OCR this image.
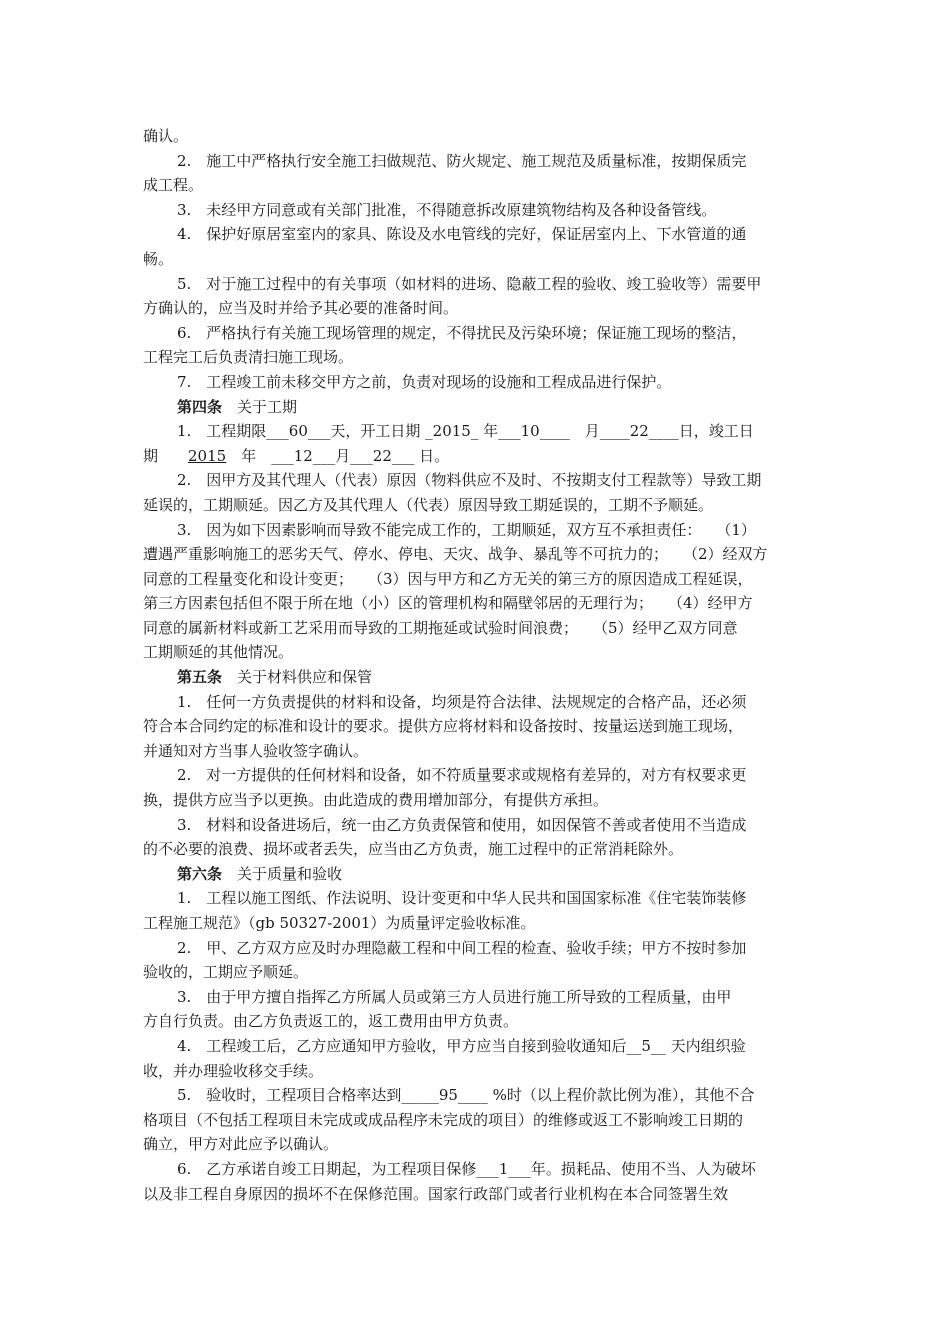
确认。
2.　施工中严格执行安全施工扫做规范、防火规定、施工规范及质量标准，按期保质完
成工程。
3.　未经甲方同意或有关部门批准，不得随意拆改原建筑物结构及各种设备管线。
4.　保护好原居室室内的家具、陈设及水电管线的完好，保证居室内上、下水管道的通
畅。
5.　对于施工过程中的有关事项（如材料的进场、隐蔽工程的验收、竣工验收等）需要甲
方确认的，应当及时并给予其必要的准备时间。
6.　严格执行有关施工现场管理的规定，不得扰民及污染环境；保证施工现场的整洁，
工程完工后负责清扫施工现场。
7.　工程竣工前未移交甲方之前，负责对现场的设施和工程成品进行保护。
第四条　关于工期
1.　工程期限___60___天，开工日期 _2015_ 年___10____　月____22____日，竣工日
期　　2015　年　___12___月___22___ 日。
2.　因甲方及其代理人（代表）原因（物料供应不及时、不按期支付工程款等）导致工期
延误的，工期顺延。因乙方及其代理人（代表）原因导致工期延误的，工期不予顺延。
3.　因为如下因素影响而导致不能完成工作的，工期顺延，双方互不承担责任：　　（1）
遭遇严重影响施工的恶劣天气、停水、停电、天灾、战争、暴乱等不可抗力的；　　（2）经双方
同意的工程量变化和设计变更；　　（3）因与甲方和乙方无关的第三方的原因造成工程延误，
第三方因素包括但不限于所在地（小）区的管理机构和隔壁邻居的无理行为；　　（4）经甲方
同意的属新材料或新工艺采用而导致的工期拖延或试验时间浪费；　　（5）经甲乙双方同意
工期顺延的其他情况。
第五条　关于材料供应和保管
1.　任何一方负责提供的材料和设备，均须是符合法律、法规规定的合格产品，还必须
符合本合同约定的标准和设计的要求。提供方应将材料和设备按时、按量运送到施工现场，
并通知对方当事人验收签字确认。
2.　对一方提供的任何材料和设备，如不符质量要求或规格有差异的，对方有权要求更
换，提供方应当予以更换。由此造成的费用增加部分，有提供方承担。
3.　材料和设备进场后，统一由乙方负责保管和使用，如因保管不善或者使用不当造成
的不必要的浪费、损坏或者丢失，应当由乙方负责，施工过程中的正常消耗除外。
第六条　关于质量和验收
1.　工程以施工图纸、作法说明、设计变更和中华人民共和国国家标准《住宅装饰装修
工程施工规范》（gb 50327-2001）为质量评定验收标准。
2.　甲、乙方双方应及时办理隐蔽工程和中间工程的检查、验收手续；甲方不按时参加
验收的，工期应予顺延。
3.　由于甲方擅自指挥乙方所属人员或第三方人员进行施工所导致的工程质量，由甲
方自行负责。由乙方负责返工的，返工费用由甲方负责。
4.　工程竣工后，乙方应通知甲方验收，甲方应当自接到验收通知后__5__ 天内组织验
收，并办理验收移交手续。
5.　验收时，工程项目合格率达到_____95____ %时（以上程价款比例为准），其他不合
格项目（不包括工程项目未完成或成品程序未完成的项目）的维修或返工不影响竣工日期的
确立，甲方对此应予以确认。
6.　乙方承诺自竣工日期起，为工程项目保修___1___年。损耗品、使用不当、人为破坏
以及非工程自身原因的损坏不在保修范围。国家行政部门或者行业机构在本合同签署生效
